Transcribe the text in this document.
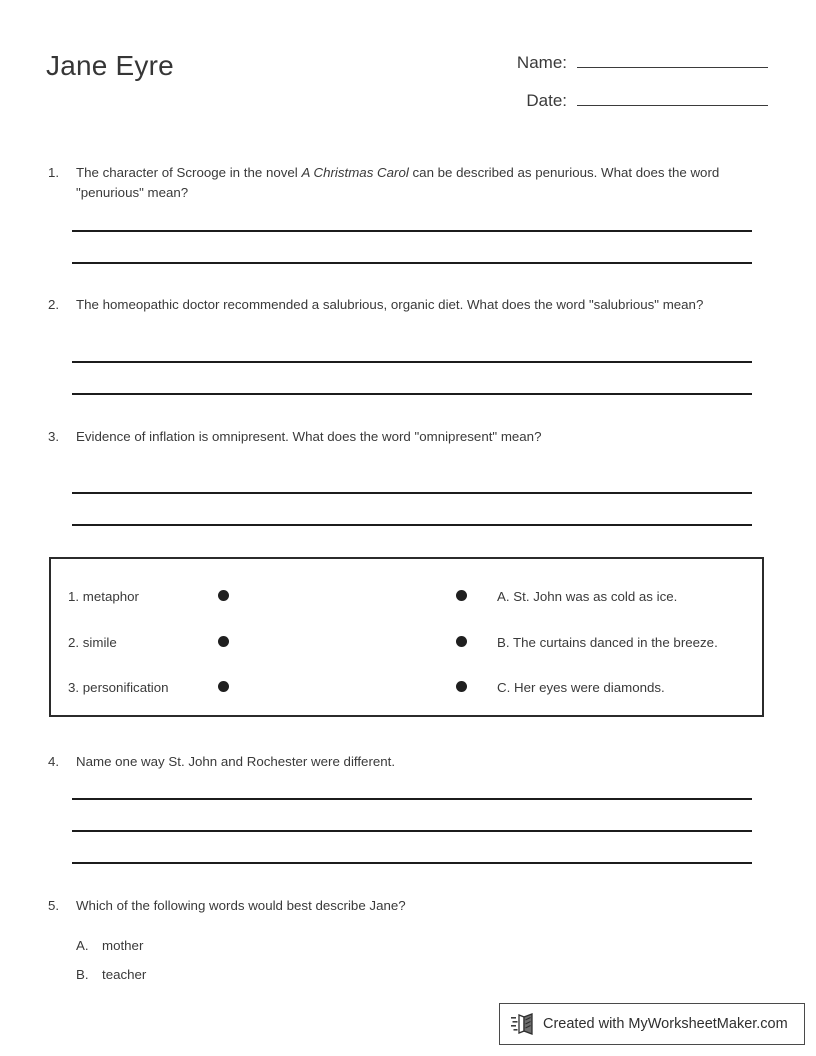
Jane Eyre	Name:
Date:
1.	The character of Scrooge in the novel A Christmas Carol can be described as penurious. What does the word "penurious" mean?
2.	The homeopathic doctor recommended a salubrious, organic diet. What does the word "salubrious" mean?
3.	Evidence of inflation is omnipresent. What does the word "omnipresent" mean?
1. metaphor	A. St. John was as cold as ice.
2. simile	B. The curtains danced in the breeze.
3. personification	C. Her eyes were diamonds.
4.	Name one way St. John and Rochester were different.
5.	Which of the following words would best describe Jane?
A.	mother
B.	teacher
Created with MyWorksheetMaker.com
